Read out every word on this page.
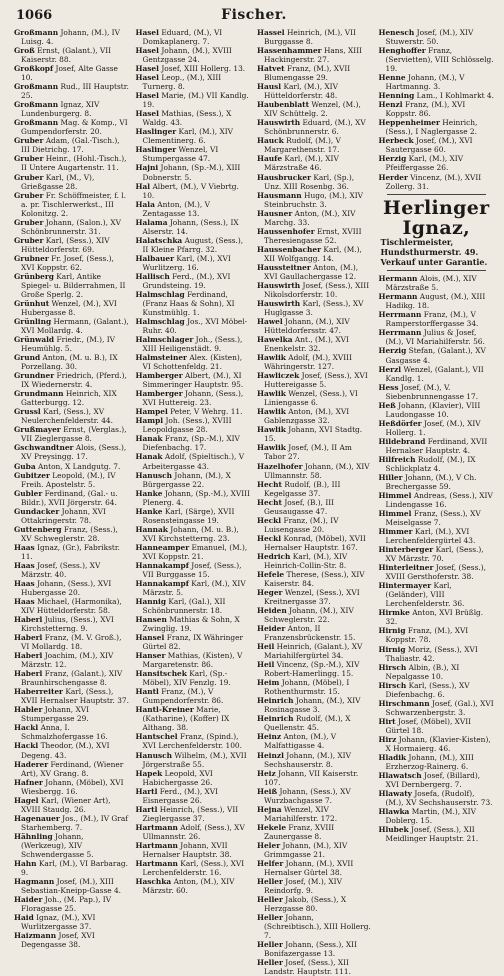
1066	Fischer.

Großmann Johann, (M.), IV Luisg. 4.

Groß Ernst, (Galant.), VII Kaiserstr. 88.

Großkopf Josef, Alte Gasse 10.

Großmann Rud., III Hauptstr. 25.

Großmann Ignaz, XIV Lundenburgerg. 8.

Großmann Mag. & Komp., VI Gumpendorferstr. 20.

Gruber Adam, (Gal.-Tisch.), III Dietrichg. 17.

Gruber Heinr., (Hohl.-Tisch.), II Untere Augartenstr. 11.

Gruber Karl, (M., V), Grießgasse 28.

Gruber Fr. Schöffmeister, f. l. a. pr. Tischlerwerkst., III Kolonitzg. 2.

Gruber Johann, (Salon.), XV Schönbrunnerstr. 31.

Gruber Karl, (Sess.), XIV Hütteldorferstr. 69.

Grubner Fr. Josef, (Sess.), XVI Koppstr. 62.

Grünberg Karl, Antike Spiegel- u. Bilderrahmen, II Große Sperlg. 2.

Grünhut Wenzel, (M.), XVI Hubergasse 8.

Grünling Hermann, (Galant.), XVI Mollardg. 4.

Grünwald Friedr., (M.), IV Heumühlg. 5.

Grund Anton, (M. u. B.), IX Porzellang. 30.

Grundner Friedrich, (Pferd.), IX Wiedernerstr. 4.

Grundmann Heinrich, XIX Gatterburgg. 12.

Grussl Karl, (Sess.), XV Neulerchenfelderstr. 44.

Grußmayer Ernst, (Verglas.), VII Zieglergasse 8.

Gschwandtner Alois, (Sess.), XV Preysingg. 17.

Guba Anton, X Landgutg. 7.

Gubitzer Leopold, (M.), IV Freih. Apostelstr. 5.

Gubler Ferdinand, (Gal.- u. Bildr.), XVII Jörgerstr. 64.

Gundacker Johann, XVI Ottakringerstr. 78.

Guttenberg Franz, (Sess.), XV Schweglerstr. 28.

Haas Ignaz, (Gr.), Fabrikstr. 11.

Haas Josef, (Sess.), XV Märzstr. 40.

Haas Johann, (Sess.), XVI Hubergasse 20.

Haas Michael, (Harmonika), XIV Hütteldorferstr. 58.

Haberl Julius, (Sess.), XVI Kirchstetterng. 9.

Haberl Franz, (M. V. Groß.), VI Mollardg. 18.

Haberl Joachim, (M.), XIV Märzstr. 12.

Haberl Franz, (Galant.), XIV Braunhirschengasse 8.

Haberreiter Karl, (Sess.), XVII Hernalser Hauptstr. 37.

Habler Johann, XVI Stumpergasse 29.

Hackl Anna, I. Schmalzhofergasse 16.

Hackl Theodor, (M.), XVI Degeng. 43.

Haderer Ferdinand, (Wiener Art), XV Grang. 8.

Hafner Johann, (Möbel), XVI Wiesbergg. 16.

Hagel Karl, (Wiener Art), XVIII Staudg. 26.

Hagenauer Jos., (M.), IV Graf Starhemberg. 7.

Hähnling Johann, (Werkzeug), XIV Schwendergasse 5.

Hahn Karl, (M.), VI Barbarag. 9.

Hagmann Josef, (M.), XIII Sebastian-Kneipp-Gasse 4.

Haider Joh., (M. Pap.), IV Floragasse 25.

Haid Ignaz, (M.), XVI Wurlitzergasse 37.

Haizmann Josef, XVI Degengasse 38.

Hasel Eduard, (M.), VI Domkaplanerg. 7.

Hasel Johann, (M.), XVIII Gentzgasse 24.

Hasel Josef, XIII Hollerg. 13.

Hasel Leop., (M.), XIII Turnerg. 8.

Hasel Marie, (M.) VII Kandlg. 19.

Hasel Mathias, (Sess.), X Waldg. 43.

Haslinger Karl, (M.), XIV Clementinerg. 6.

Haslinger Wenzel, VI Stumpergasse 47.

Hajni Johann, (Sp.-M.), XIII Dobnerstr. 5.

Hal Albert, (M.), V Viebrtg. 10.

Hala Anton, (M.), V Zentagasse 13.

Halama Johann, (Sess.), IX Alserstr. 14.

Halatschka August, (Sess.), II Kleine Pfarrg. 32.

Halbauer Karl, (M.), XVI Wurlitzerg. 16.

Hallisch Ferd., (M.), XVI Grundsteing. 19.

Halmschlag Ferdinand, (Franz Haas & Sohn), XI Kunstmühlg. 1.

Halmschlag Jos., XVI Möbel-Ruhr. 40.

Halmschlager Joh., (Sess.), XIII Heiligenstädt. 9.

Halmsteiner Alex. (Kisten), VI Schottenfeldg. 21.

Hamberger Albert, (M.), XI Simmeringer Hauptstr. 95.

Hamberger Johann, (Sess.), XVI Huttereig. 23.

Hampel Peter, V Wehrg. 11.

Hampl Joh. (Sess.), XVIII Leopoldgasse 28.

Hanak Franz, (Sp.-M.), XIV Diefenbachg. 17.

Hanak Adolf, (Spieltisch.), V Arbeitergasse 43.

Hanusch Johann, (M.), X Bürgergasse 22.

Hanke Johann, (Sp.-M.), XVIII Plenerg. 4.

Hanke Karl, (Särge), XVII Rosensteingasse 19.

Hannak Johann, (M. u. B.), XVI Kirchstetterng. 23.

Hanneamper Emanuel, (M.), XVI Koppstr. 21.

Hannakampf Josef, (Sess.), VII Burggasse 15.

Hannakampf Karl, (M.), XIV Märzstr. 5.

Hannig Karl, (Gal.), XII Schönbrunnerstr. 18.

Hansen Mathias & Sohn, X Zwinglig. 19.

Hansel Franz, IX Währinger Gürtel 82.

Hanser Mathias, (Kisten), V Margaretenstr. 86.

Hansitschek Karl, (Sp.-Möbel), XIV Fenzlg. 19.

Hantl Franz, (M.), V Gumpendorferstr. 86.

Hantl-Kreiner Marie, (Katharine), (Koffer) IX Althang. 38.

Hantschel Franz, (Spind.), XVI Lerchenfelderstr. 100.

Hanusch Wilhelm, (M.), XVII Jörgerstraße 55.

Hapek Leopold, XVI Habichergasse 26.

Hartl Ferd., (M.), XVI Eisnergasse 26.

Hartl Heinrich, (Sess.), VII Zieglergasse 37.

Hartmann Adolf, (Sess.), XV Ullmannstr. 26.

Hartmann Johann, XVII Hernalser Hauptstr. 38.

Hartmann Karl, (Sess.), XVI Lerchenfelderstr. 16.

Haschka Anton, (M.), XIV Märzstr. 60.

Hassel Heinrich, (M.), VII Burggasse 8.

Hassenhammer Hans, XIII Hackingerstr. 27.

Hatvet Franz, (M.), XVII Blumengasse 29.

Hausl Karl, (M.), XIV Hütteldorferstr. 48.

Haubenblatt Wenzel, (M.), XIV Schüttelg. 2.

Hauswirth Eduard, (M.), XV Schönbrunnerstr. 6.

Hauck Rudolf, (M.), V Margarethenstr. 17.

Haufe Karl, (M.), XIV Märzstraße 46.

Hausbrucker Karl, (Sp.), Unz. XIII Rosenbg. 36.

Hausmann Hugo, (M.), XIV Steinbruchstr. 3.

Hausner Anton, (M.), XIV Marchg. 33.

Haussenhofer Ernst, XVIII Theresiengasse 52.

Haussenbacher Karl, (M.), XII Wolfgangg. 14.

Haussteitner Anton, (M.), XVI Gaullachergasse 12.

Hauswirth Josef, (Sess.), XIII Nikolsdorferstr. 10.

Hauswirth Karl, (Sess.), XV Huglgasse 3.

Hawel Johann, (M.), XIV Hütteldorfersstr. 47.

Hawelka Ant., (M.), XVI Enenkelstr. 32.

Hawlik Adolf, (M.), XVIII Währingerstr. 127.

Hawliczek Josef, (Sess.), XVI Huttereigasse 5.

Hawlik Wenzel, (Sess.), VI Liniengasse 6.

Hawlik Anton, (M.), XVI Gablenzgasse 32.

Hawlik Johann, XVI Stadtg. 15.

Hawlik Josef, (M.), II Am Tabor 27.

Hazelhofer Johann, (M.), XIV Ullmannstr. 58.

Hecht Rudolf, (B.), III Kegelgasse 37.

Hecht Josef, (B.), III Geusaugasse 47.

Heckl Franz, (M.), IV Luisengasse 20.

Heckl Konrad, (Möbel), XVII Hernalser Hauptstr. 167.

Hedrich Karl, (M.), XIV Heinrich-Collin-Str. 8.

Hefele Therese, (Sess.), XIV Kaiserstr. 84.

Heger Wenzel, (Sess.), XVI Kreitnergasse 37.

Heiden Johann, (M.), XIV Schweglerstr. 22.

Heider Anton, II Franzensbrückenstr. 15.

Heil Heinrich, (Galant.), XV Mariahilfergürtel 34.

Heil Vincenz, (Sp.-M.), XIV Robert-Hamerlingg. 15.

Heim Johann, (Möbel), I Rothenthurmstr. 15.

Heinrich Johann, (M.), XIV Rosinagasse 3.

Heinrich Rudolf, (M.), X Quellenstr. 45.

Heinz Anton, (M.), V Malfattigasse 4.

Heinzl Johann, (M.), XIV Sechshauserstr. 8.

Heiz Johann, VII Kaiserstr. 107.

Heiß Johann, (Sess.), XV Wurzbachgasse 7.

Hejna Wenzel, XIV Mariahilferstr. 172.

Hekele Franz, XVIII Zaunergasse 8.

Heler Johann, (M.), XIV Grimmgasse 21.

Helfer Johann, (M.), XVII Hernalser Gürtel 38.

Heller Josef, (M.), XIV Reindorfg. 9.

Heller Jakob, (Sess.), X Herzgasse 80.

Heller Johann, (Schreibtisch.), XIII Hollerg. 7.

Heller Johann, (Sess.), XII Bonifazergasse 13.

Heller Josef, (Sess.), XII Landstr. Hauptstr. 111.

Henesch Josef, (M.), XIV Stuwerstr. 50.

Henghoffer Franz, (Servietten), VIII Schlösselg. 19.

Henne Johann, (M.), V Hartmanng. 3.

Henning Lam., I Kohlmarkt 4.

Henzl Franz, (M.), XVI Koppstr. 86.

Heppenheimer Heinrich, (Sess.), I Naglergasse 2.

Herbeck Josef, (M.), XVI Sautergasse 60.

Herzig Karl, (M.), XIV Pfeiffergasse 26.

Herder Vincenz, (M.), XVII Zollerg. 31.

Herlinger Ignaz,
Tischlermeister, Hundsthurmerstr. 49. Verkauf unter Garantie.

Hermann Alois, (M.), XIV Märzstraße 5.

Hermann August, (M.), XIII Hadikg. 18.

Herrmann Franz, (M.), V Ramperstorffergasse 34.

Herrmann Julius & Josef, (M.), VI Mariahilferstr. 56.

Herzig Stefan, (Galant.), XV Gasgasse 4.

Herzl Wenzel, (Galant.), VII Kandlg. 1.

Hess Josef, (M.), V. Siebenbrunnengasse 17.

Heß Johann, (Klavier), VIII Laudongasse 10.

Heßdörfer Josef, (M.), XIV Hollerg. 1.

Hildebrand Ferdinand, XVII Hernalser Hauptstr. 4.

Hilfreich Rudolf, (M.), IX Schlickplatz 4.

Hiller Johann, (M.), V Ch. Brechergasse 59.

Himmel Andreas, (Sess.), XIV Lindengasse 16.

Himmel Franz, (Sess.), XV Meiselgasse 7.

Himmer Karl, (M.), XVI Lerchenfeldergürtel 43.

Hinterberger Karl, (Sess.), XV Märzstr. 70.

Hinterleitner Josef, (Sess.), XVIII Gersthoferstr. 38.

Hintermayer Karl, (Geländer), VIII Lerchenfelderstr. 36.

Hirmke Anton, XVI Brüßlg. 32.

Hirnig Franz, (M.), XVI Koppstr. 78.

Hirnig Moriz, (Sess.), XVI Thaliastr. 42.

Hirsch Albin, (B.), XI Nepalgasse 10.

Hirsch Karl, (Sess.), XV Diefenbachg. 6.

Hirschmann Josef, (Gal.), XVI Schwarzenbergstr. 3.

Hirt Josef, (Möbel), XVII Gürtel 18.

Hirz Johann, (Klavier-Kisten), X Hormaierg. 46.

Hladik Johann, (M.), XIII Erzherzog-Rainerg. 6.

Hlawatsch Josef, (Billard), XVI Dernbergerg. 7.

Hlawaty Josefa, (Rudolf), (M.), XV Sechshauserstr. 73.

Hlawka Martin, (M.), XIV Doblerg. 15.

Hlubek Josef, (Sess.), XII Meidlinger Hauptstr. 21.
